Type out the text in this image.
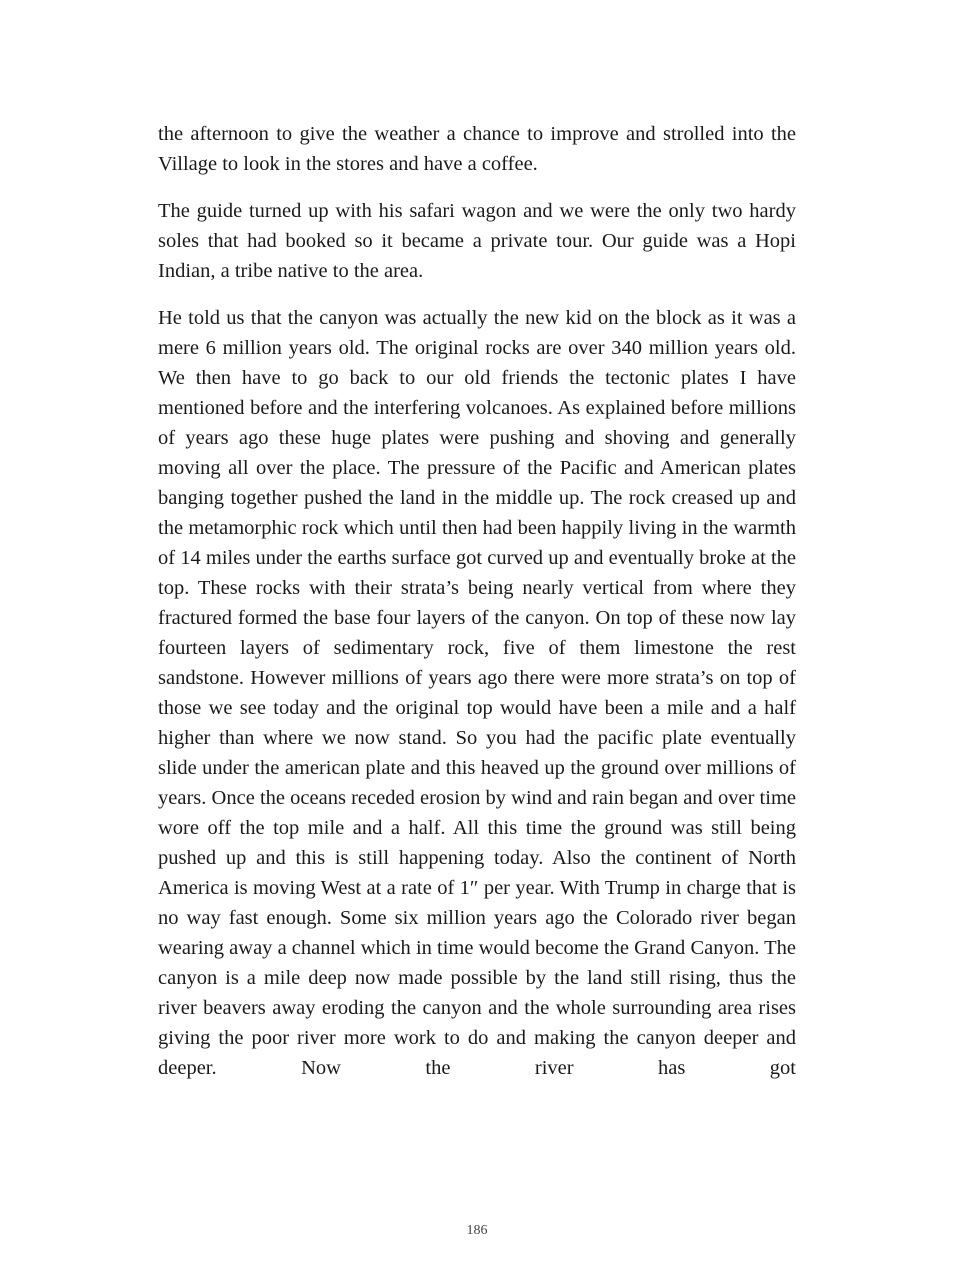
the afternoon to give the weather a chance to improve and strolled into the Village to look in the stores and have a coffee.

The guide turned up with his safari wagon and we were the only two hardy soles that had booked so it became a private tour. Our guide was a Hopi Indian, a tribe native to the area.

He told us that the canyon was actually the new kid on the block as it was a mere 6 million years old. The original rocks are over 340 million years old. We then have to go back to our old friends the tectonic plates I have mentioned before and the interfering volcanoes. As explained before millions of years ago these huge plates were pushing and shoving and generally moving all over the place. The pressure of the Pacific and American plates banging together pushed the land in the middle up. The rock creased up and the metamorphic rock which until then had been happily living in the warmth of 14 miles under the earths surface got curved up and eventually broke at the top. These rocks with their strata’s being nearly vertical from where they fractured formed the base four layers of the canyon. On top of these now lay fourteen layers of sedimentary rock, five of them limestone the rest sandstone. However millions of years ago there were more strata’s on top of those we see today and the original top would have been a mile and a half higher than where we now stand. So you had the pacific plate eventually slide under the american plate and this heaved up the ground over millions of years. Once the oceans receded erosion by wind and rain began and over time wore off the top mile and a half. All this time the ground was still being pushed up and this is still happening today. Also the continent of North America is moving West at a rate of 1″ per year. With Trump in charge that is no way fast enough. Some six million years ago the Colorado river began wearing away a channel which in time would become the Grand Canyon. The canyon is a mile deep now made possible by the land still rising, thus the river beavers away eroding the canyon and the whole surrounding area rises giving the poor river more work to do and making the canyon deeper and deeper. Now the river has got

186
